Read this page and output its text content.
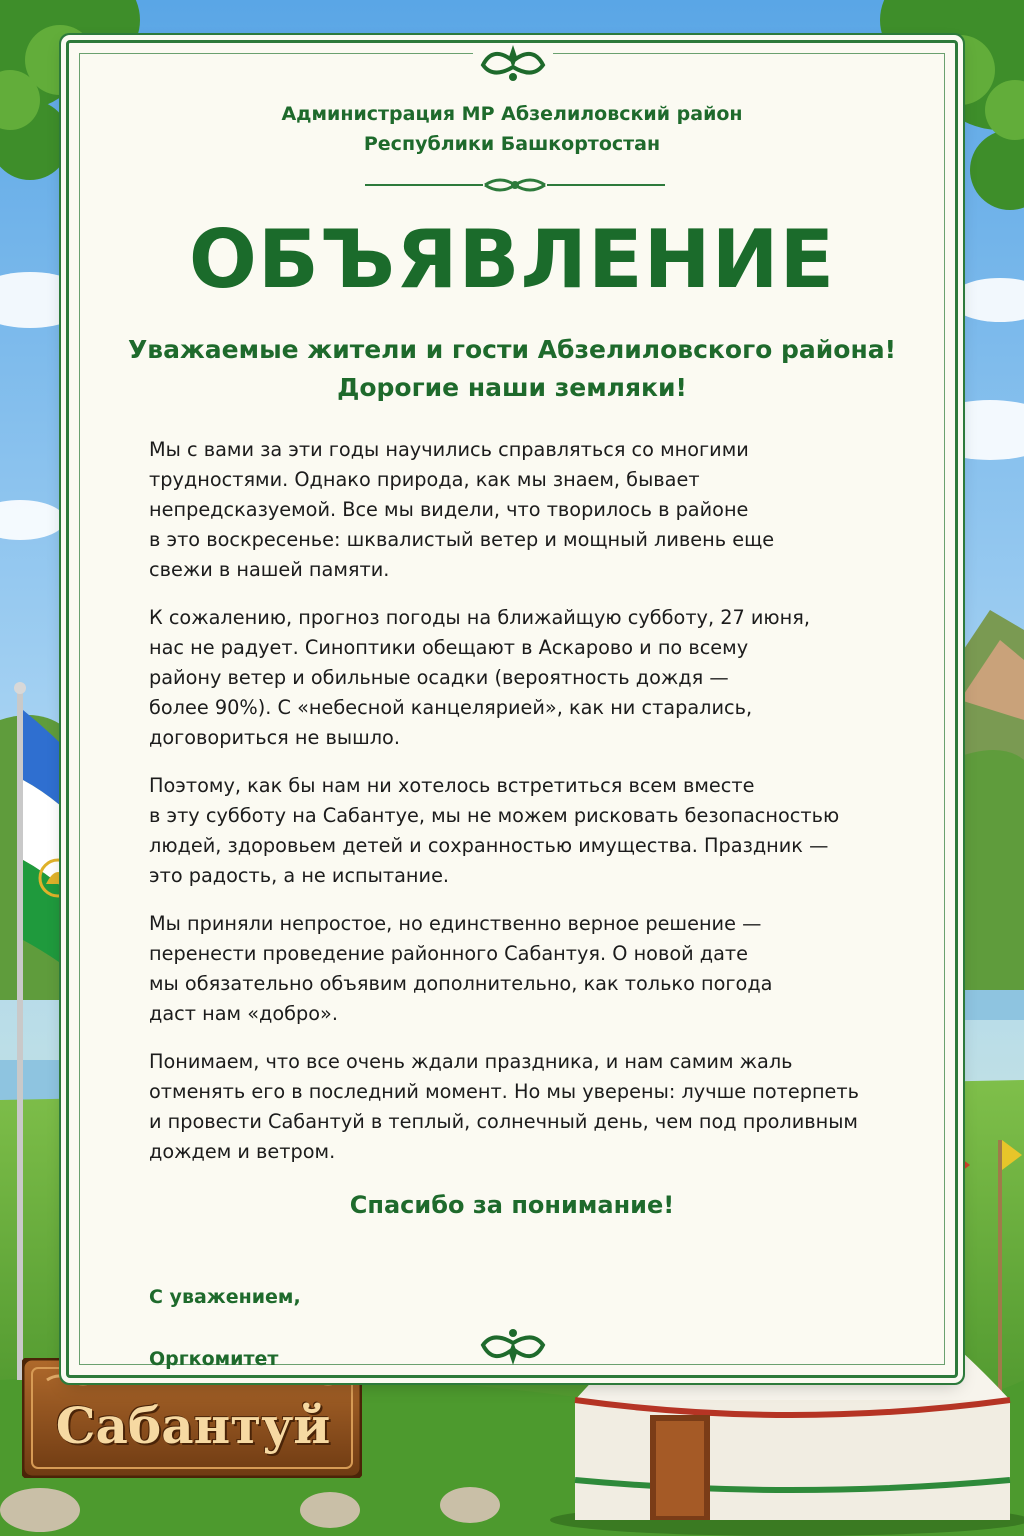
Сабантуй
Администрация МР Абзелиловский район
Республики Башкортостан
ОБЪЯВЛЕНИЕ
Уважаемые жители и гости Абзелиловского района!
Дорогие наши земляки!

Мы с вами за эти годы научились справляться со многими
трудностями. Однако природа, как мы знаем, бывает
непредсказуемой. Все мы видели, что творилось в районе
в это воскресенье: шквалистый ветер и мощный ливень еще
свежи в нашей памяти.

К сожалению, прогноз погоды на ближайщую субботу, 27 июня,
нас не радует. Синоптики обещают в Аскарово и по всему
району ветер и обильные осадки (вероятность дождя —
более 90%). С «небесной канцелярией», как ни старались,
договориться не вышло.

Поэтому, как бы нам ни хотелось встретиться всем вместе
в эту субботу на Сабантуе, мы не можем рисковать безопасностью
людей, здоровьем детей и сохранностью имущества. Праздник —
это радость, а не испытание.

Мы приняли непростое, но единственно верное решение —
перенести проведение районного Сабантуя. О новой дате
мы обязательно объявим дополнительно, как только погода
даст нам «добро».

Понимаем, что все очень ждали праздника, и нам самим жаль
отменять его в последний момент. Но мы уверены: лучше потерпеть
и провести Сабантуй в теплый, солнечный день, чем под проливным
дождем и ветром.

Спасибо за понимание!

С уважением,

Оргкомитет
